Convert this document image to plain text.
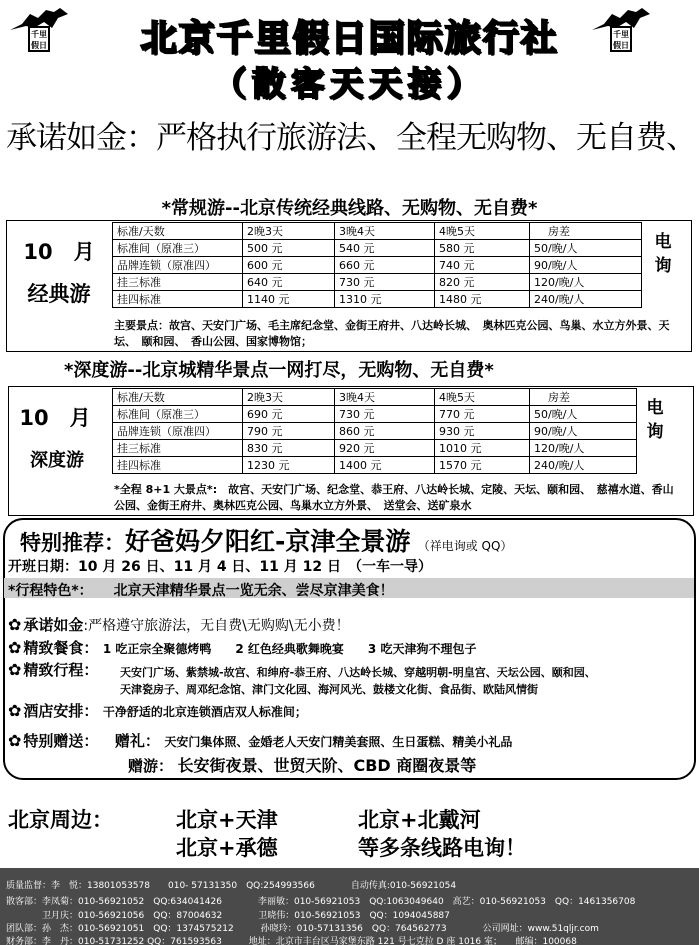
千里
假日
千里
假日
北京千里假日国际旅行社
（散客天天接）
承诺如金：严格执行旅游法、全程无购物、无自费、
*常规游--北京传统经典线路、无购物、无自费*
10　月
经典游
标准/天数	2晚3天	3晚4天	4晚5天	房差
标准间（原准三）	500 元	540 元	580 元	50/晚/人
品牌连锁（原准四）	600 元	660 元	740 元	90/晚/人
挂三标准	640 元	730 元	820 元	120/晚/人
挂四标准	1140 元	1310 元	1480 元	240/晚/人
电
询
主要景点：故宫、天安门广场、毛主席纪念堂、金街王府井、八达岭长城、　奥林匹克公园、鸟巢、水立方外景、天坛、　颐和园、　香山公园、国家博物馆；
*深度游--北京城精华景点一网打尽，无购物、无自费*
10　月
深度游
标准/天数	2晚3天	3晚4天	4晚5天	房差
标准间（原准三）	690 元	730 元	770 元	50/晚/人
品牌连锁（原准四）	790 元	860 元	930 元	90/晚/人
挂三标准	830 元	920 元	1010 元	120/晚/人
挂四标准	1230 元	1400 元	1570 元	240/晚/人
电
询
*全程 8+1 大景点*:　故宫、天安门广场、纪念堂、恭王府、八达岭长城、定陵、天坛、颐和园、　慈禧水道、香山公园、金街王府井、奥林匹克公园、鸟巢水立方外景、　送堂会、送矿泉水
特别推荐：好爸妈夕阳红-京津全景游 （祥电询或 QQ）
开班日期：10 月 26 日、11 月 4 日、11 月 12 日　（一车一导）
*行程特色*：　　 北京天津精华景点一览无余、尝尽京津美食！
✿ 承诺如金:严格遵守旅游法，无自费\无购购\无小费！
✿ 精致餐食： 1 吃正宗全聚德烤鸭　　2 红色经典歌舞晚宴　　3 吃天津狗不理包子
✿ 精致行程： 天安门广场、紫禁城-故宫、和绅府-恭王府、八达岭长城、穿越明朝-明皇宫、天坛公园、颐和园、
天津瓷房子、周邓纪念馆、津门文化园、海河风光、鼓楼文化街、食品街、欧陆风情街
✿ 酒店安排： 干净舒适的北京连锁酒店双人标准间；
✿ 特别赠送： 赠礼： 天安门集体照、金婚老人天安门精美套照、生日蛋糕、精美小礼品
赠游： 长安街夜景、世贸天阶、CBD 商圈夜景等
北京周边：	北京+天津	北京+北戴河
北京+承德	等多条线路电询！
质量监督：李　悦：13801053578　　010- 57131350　QQ:254993566　　　　自动传真:010-56921054
散客部：李凤菊：010-56921052　QQ:634041426　　　　李丽敏：010-56921053　QQ:1063049640　高艺：010-56921053　QQ：1461356708
　　　　卫月庆：010-56921056　QQ：87004632　　　　卫晓伟：010-56921053　QQ：1094045887
团队部：孙　杰：010-56921051　QQ：1374575212　　　孙晓玲：010-57131356　QQ：764562773　　　　公司网址：www.51qljr.com
财务部：李　丹：010-51731252 QQ：761593563　　　地址：北京市丰台区马家堡东路 121 号七克拉 D 座 1016 室；　　邮编：100068
